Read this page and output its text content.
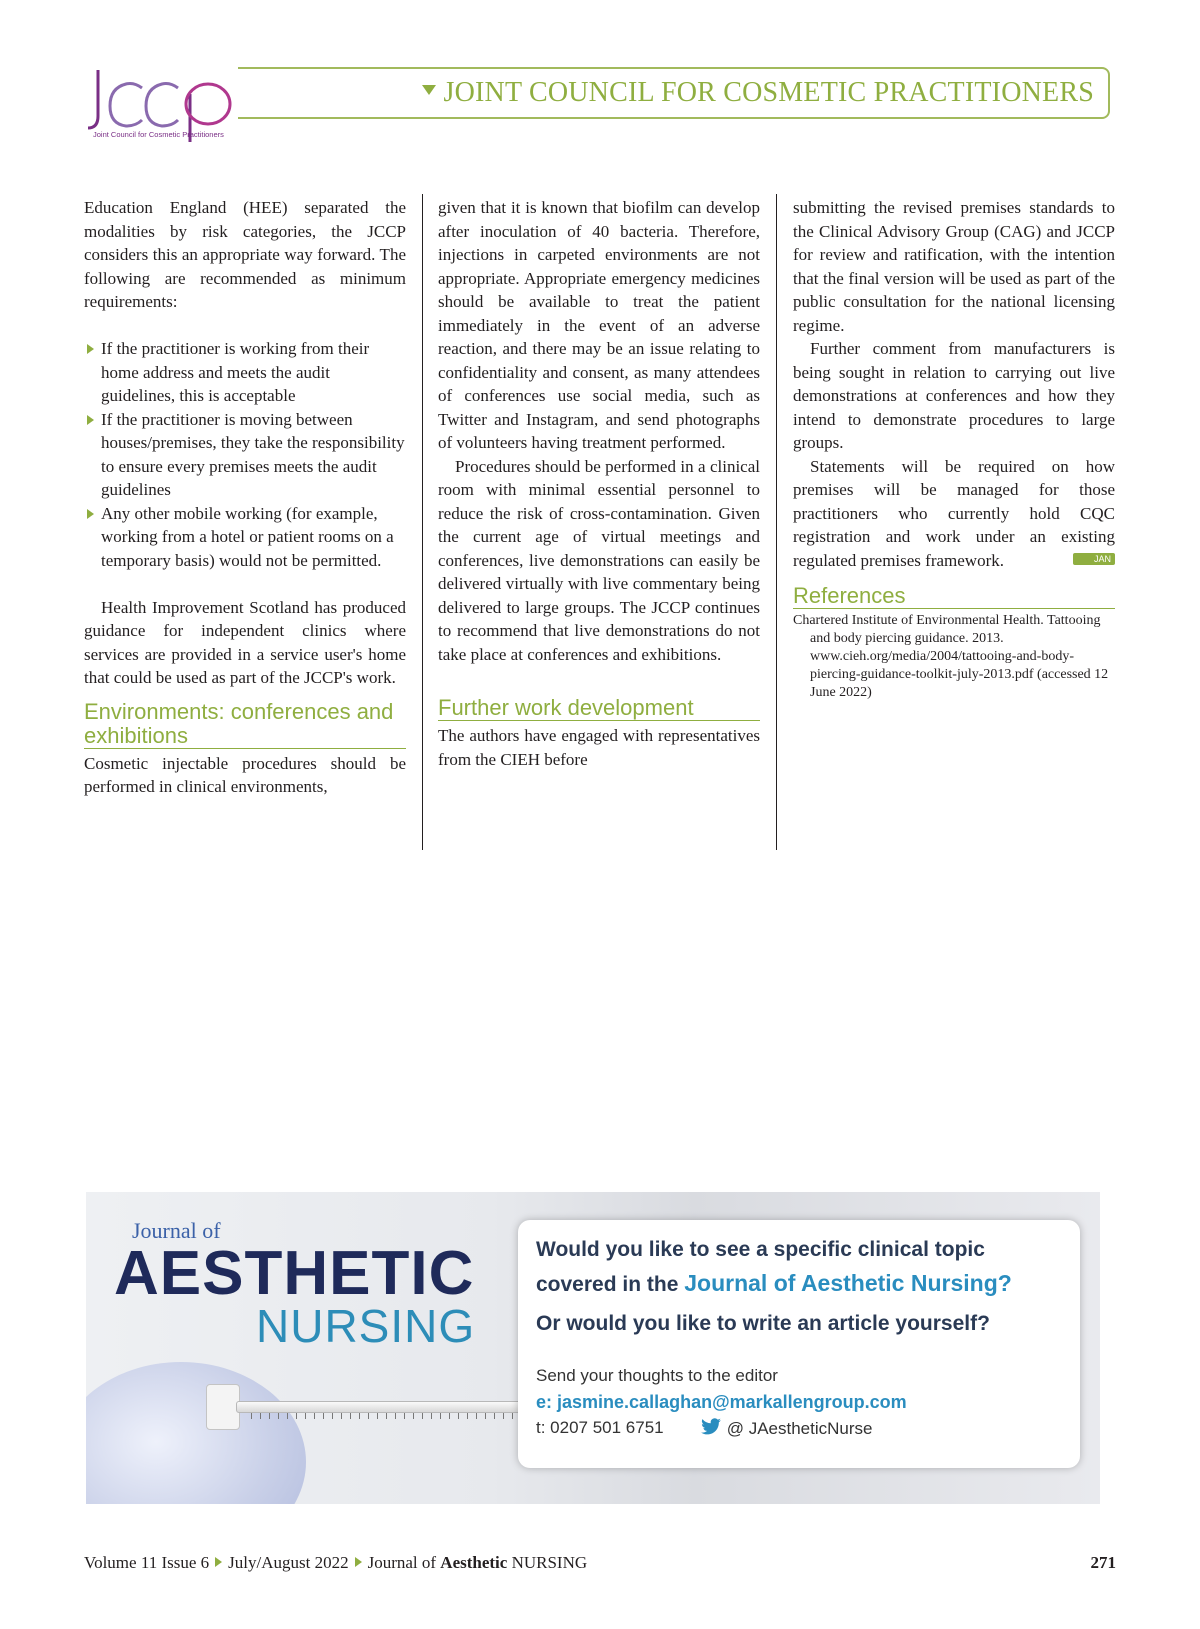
Joint Council for Cosmetic Practitioners
JOINT COUNCIL FOR COSMETIC PRACTITIONERS

Education England (HEE) separated the modalities by risk categories, the JCCP considers this an appropriate way forward. The following are recommended as minimum requirements:

If the practitioner is working from their home address and meets the audit guidelines, this is acceptable
If the practitioner is moving between houses/premises, they take the responsibility to ensure every premises meets the audit guidelines
Any other mobile working (for example, working from a hotel or patient rooms on a temporary basis) would not be permitted.

Health Improvement Scotland has produced guidance for independent clinics where services are provided in a service user's home that could be used as part of the JCCP's work.

Environments: conferences and exhibitions

Cosmetic injectable procedures should be performed in clinical environments,

given that it is known that biofilm can develop after inoculation of 40 bacteria. Therefore, injections in carpeted environments are not appropriate. Appropriate emergency medicines should be available to treat the patient immediately in the event of an adverse reaction, and there may be an issue relating to confidentiality and consent, as many attendees of conferences use social media, such as Twitter and Instagram, and send photographs of volunteers having treatment performed.

Procedures should be performed in a clinical room with minimal essential personnel to reduce the risk of cross-contamination. Given the current age of virtual meetings and conferences, live demonstrations can easily be delivered virtually with live commentary being delivered to large groups. The JCCP continues to recommend that live demonstrations do not take place at conferences and exhibitions.

Further work development

The authors have engaged with representatives from the CIEH before

submitting the revised premises standards to the Clinical Advisory Group (CAG) and JCCP for review and ratification, with the intention that the final version will be used as part of the public consultation for the national licensing regime.

Further comment from manufacturers is being sought in relation to carrying out live demonstrations at conferences and how they intend to demonstrate procedures to large groups.

Statements will be required on how premises will be managed for those practitioners who currently hold CQC registration and work under an existing regulated premises framework.	JAN

References

Chartered Institute of Environmental Health. Tattooing and body piercing guidance. 2013. www.cieh.org/media/2004/tattooing-and-body-piercing-guidance-toolkit-july-2013.pdf (accessed 12 June 2022)

Journal of
AESTHETIC
NURSING
Would you like to see a specific clinical topic
covered in the Journal of Aesthetic Nursing?
Or would you like to write an article yourself?
Send your thoughts to the editor
e: jasmine.callaghan@markallengroup.com
t: 0207 501 6751	@ JAestheticNurse
Volume 11 Issue 6 July/August 2022 Journal of Aesthetic NURSING	271
